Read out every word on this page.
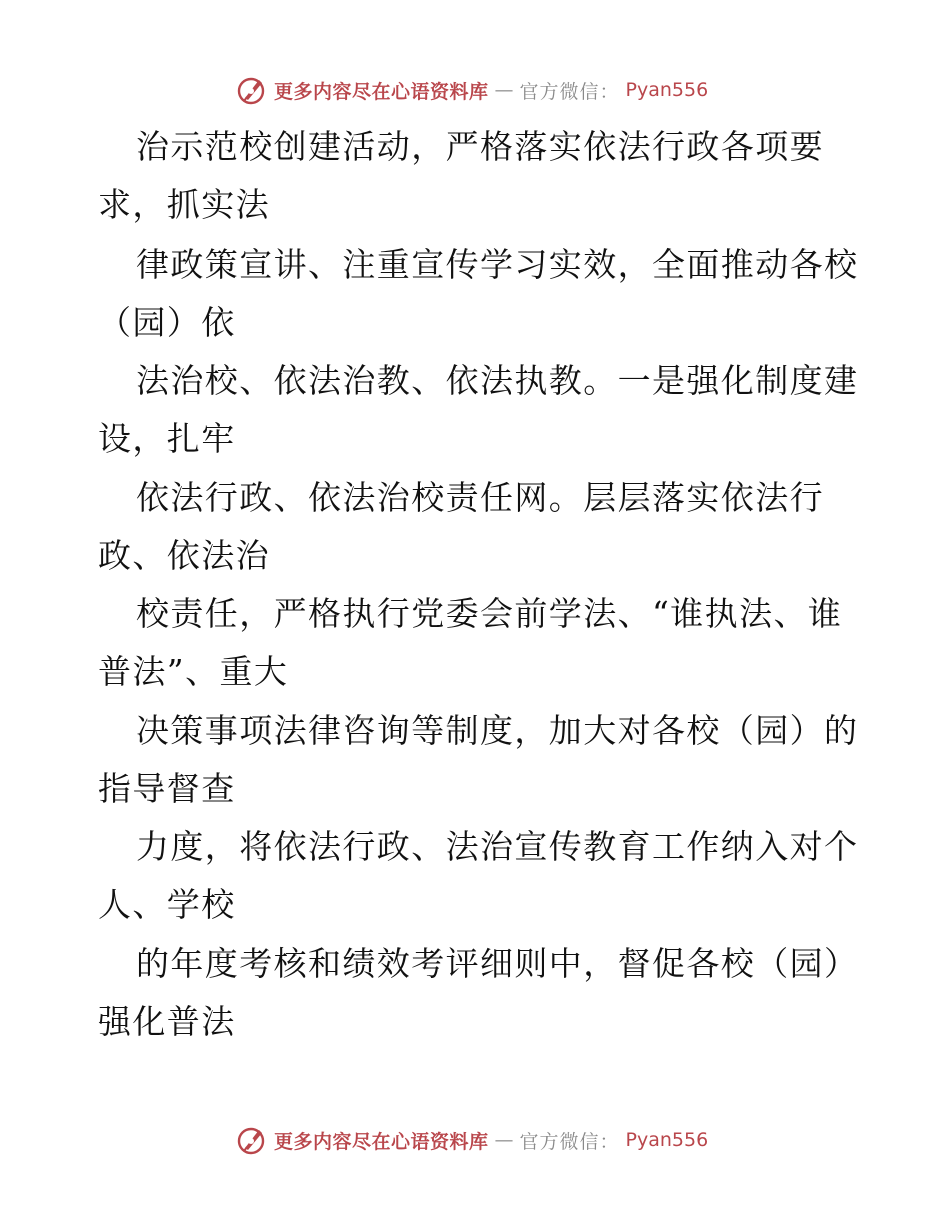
更多内容尽在心语资料库 — 官方微信： Pyan556
治示范校创建活动，严格落实依法行政各项要
求，抓实法
律政策宣讲、注重宣传学习实效，全面推动各校
（园）依
法治校、依法治教、依法执教。一是强化制度建
设，扎牢
依法行政、依法治校责任网。层层落实依法行
政、依法治
校责任，严格执行党委会前学法、“谁执法、谁
普法”、重大
决策事项法律咨询等制度，加大对各校（园）的
指导督查
力度，将依法行政、法治宣传教育工作纳入对个
人、学校
的年度考核和绩效考评细则中，督促各校（园）
强化普法
更多内容尽在心语资料库 — 官方微信： Pyan556
